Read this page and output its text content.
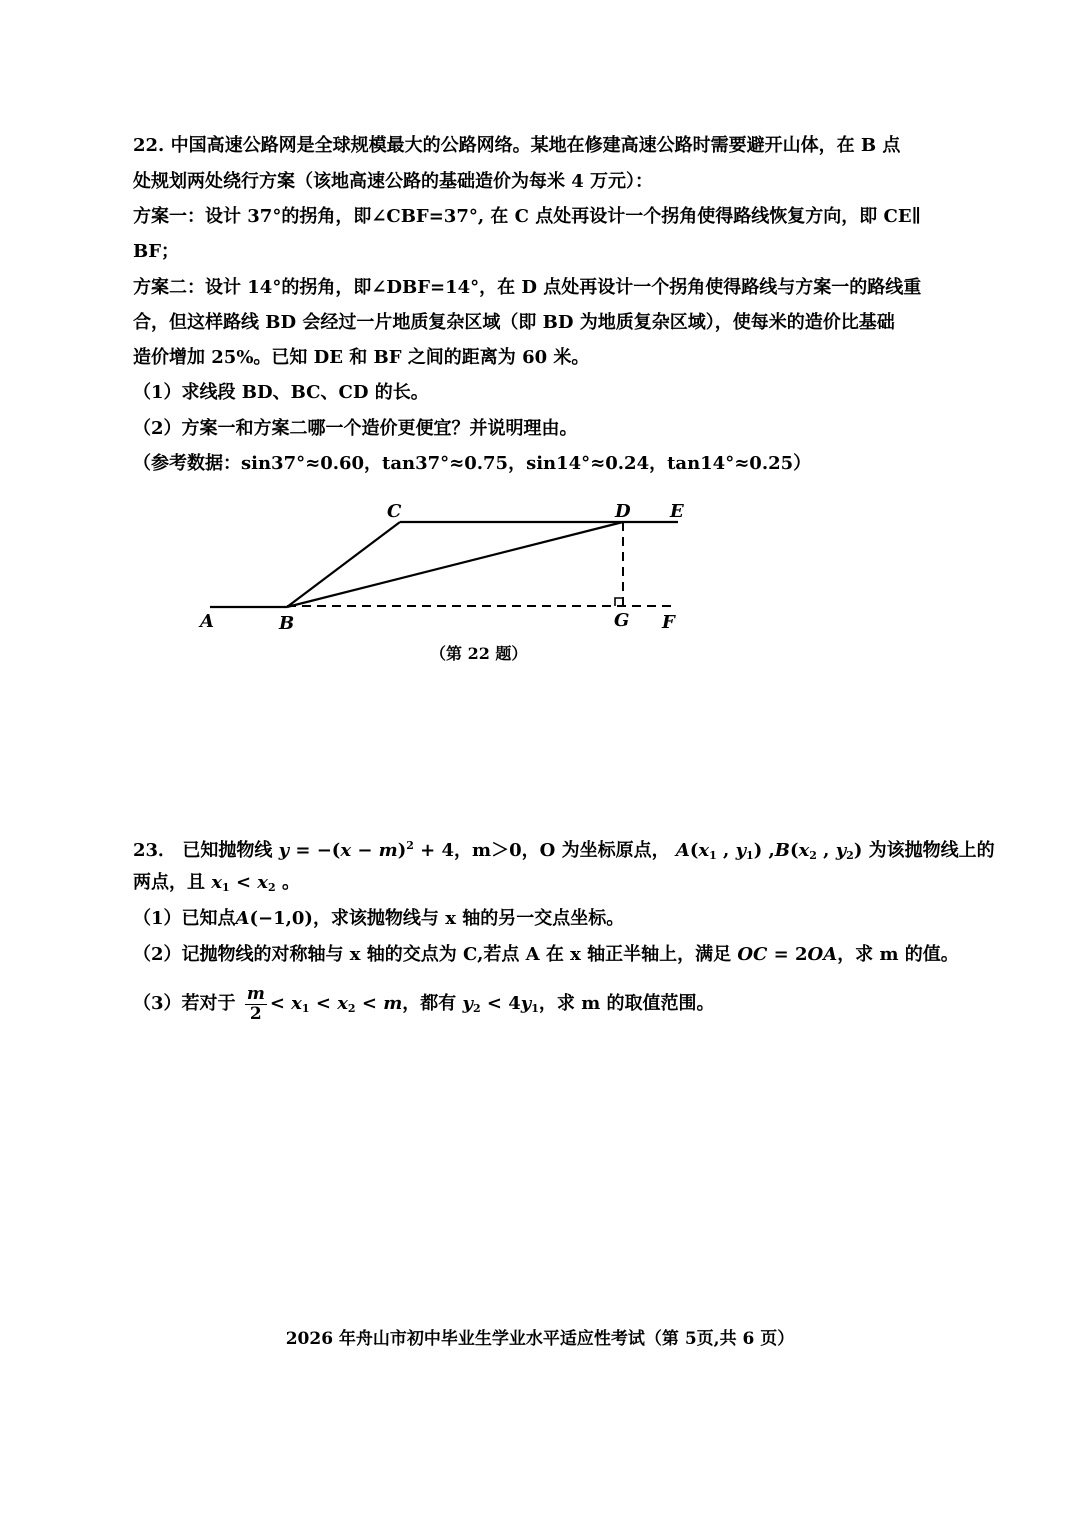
22. 中国高速公路网是全球规模最大的公路网络。某地在修建高速公路时需要避开山体，在 B 点
处规划两处绕行方案（该地高速公路的基础造价为每米 4 万元）：
方案一：设计 37°的拐角，即∠CBF=37°, 在 C 点处再设计一个拐角使得路线恢复方向，即 CE∥
BF；
方案二：设计 14°的拐角，即∠DBF=14°，在 D 点处再设计一个拐角使得路线与方案一的路线重
合，但这样路线 BD 会经过一片地质复杂区域（即 BD 为地质复杂区域），使每米的造价比基础
造价增加 25%。已知 DE 和 BF 之间的距离为 60 米。
（1）求线段 BD、BC、CD 的长。
（2）方案一和方案二哪一个造价更便宜？并说明理由。
（参考数据：sin37°≈0.60，tan37°≈0.75，sin14°≈0.24，tan14°≈0.25）
A	B
C	D E
G F
（第 22 题）
23． 已知抛物线 $y = -(x - m)^2 + 4$，m＞0，O 为坐标原点， $A(x_1$ , $y_1$) $,B(x_2$ , $y_2$) 为该抛物线上的
两点，且 $x_1 < x_2$ 。
（1）已知点A(−1,0)，求该抛物线与 x 轴的另一交点坐标。
（2）记抛物线的对称轴与 x 轴的交点为 C,若点 A 在 x 轴正半轴上，满足 OC = 2OA，求 m 的值。
（3）若对于 $\frac{m}{2} < x_1 < x_2 < m$，都有 $y_2 < 4y_1$，求 m 的取值范围。
2026 年舟山市初中毕业生学业水平适应性考试（第 5页,共 6 页）
